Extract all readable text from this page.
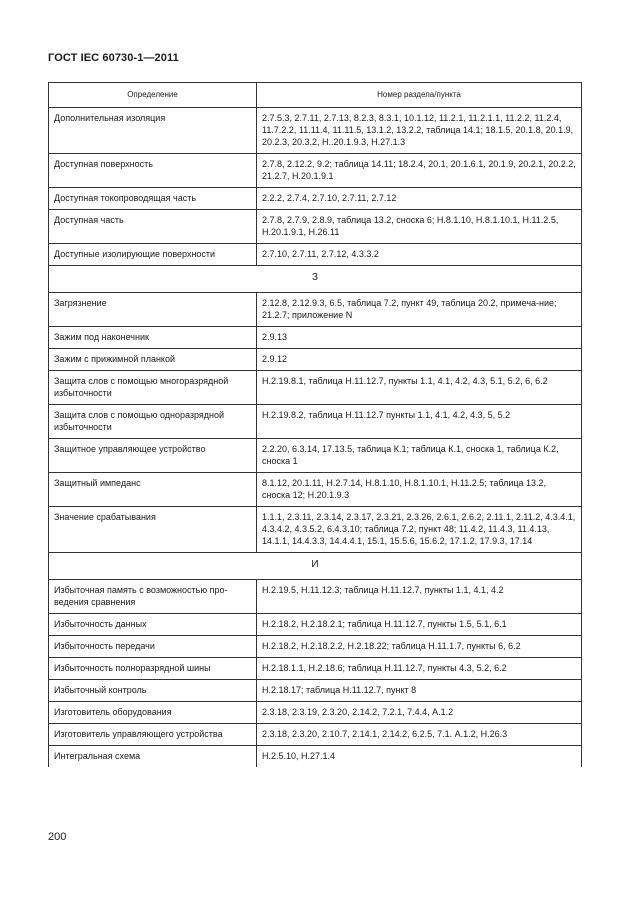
ГОСТ IEC 60730-1—2011
Определение	Номер раздела/пункта
Дополнительная изоляция	2.7.5.3, 2.7.11, 2.7.13, 8.2.3, 8.3.1, 10.1.12, 11.2.1, 11.2.1.1, 11.2.2, 11.2.4, 11.7.2.2, 11.11.4, 11.11.5, 13.1.2, 13.2.2, таблица 14.1; 18.1.5, 20.1.8, 20.1.9, 20.2.3, 20.3.2, Н..20.1.9.3, Н.27.1.3
Доступная поверхность	2.7.8, 2.12.2, 9.2; таблица 14.11; 18.2.4, 20.1, 20.1.6.1, 20.1.9, 20.2.1, 20.2.2, 21.2.7, Н.20.1.9.1
Доступная токопроводящая часть	2.2.2, 2.7.4, 2.7.10, 2.7.11, 2.7.12
Доступная часть	2.7.8, 2.7.9, 2.8.9, таблица 13.2, сноска 6; Н.8.1.10, Н.8.1.10.1, Н.11.2.5, Н.20.1.9.1, Н.26.11
Доступные изолирующие поверхности	2.7.10, 2.7.11, 2.7.12, 4.3.3.2
З	
Загрязнение	2.12.8, 2.12.9.3, 6.5, таблица 7.2, пункт 49, таблица 20.2, примеча-ние; 21.2.7; приложение N
Зажим под наконечник	2.9.13
Зажим с прижимной планкой	2.9.12
Защита слов с помощью многоразрядной избыточности	Н.2.19.8.1, таблица Н.11.12.7, пункты 1.1, 4.1, 4.2, 4.3, 5.1, 5.2, 6, 6.2
Защита слов с помощью одноразрядной избыточности	Н.2.19.8.2, таблица Н.11.12.7 пункты 1.1, 4.1, 4.2, 4.3, 5, 5.2
Защитное управляющее устройство	2.2.20, 6.3.14, 17.13.5, таблица К.1; таблица К.1, сноска 1, таблица К.2, сноска 1
Защитный импеданс	8.1.12, 20.1.11, Н.2.7.14, Н.8.1.10, Н.8.1.10.1, Н.11.2.5; таблица 13.2, сноска 12; Н.20.1.9.3
Значение срабатывания	1.1.1, 2.3.11, 2.3.14, 2.3.17, 2.3.21, 2.3.26, 2.6.1, 2.6.2, 2.11.1, 2.11.2, 4.3.4.1, 4.3.4.2, 4.3.5.2, 6.4.3.10; таблица 7.2, пункт 48; 11.4.2, 11.4.3, 11.4.13, 14.1.1, 14.4.3.3, 14.4.4.1, 15.1, 15.5.6, 15.6.2, 17.1.2, 17.9.3, 17.14
И	
Избыточная память с возможностью про-ведения сравнения	Н.2.19.5, Н.11.12.3; таблица Н.11.12.7, пункты 1.1, 4.1, 4.2
Избыточность данных	Н.2.18.2, Н.2.18.2.1; таблица Н.11.12.7, пункты 1.5, 5.1, 6.1
Избыточность передачи	Н.2.18.2, Н.2.18.2.2, Н.2.18.22; таблица Н.11.1.7, пункты 6, 6.2
Избыточность полноразрядной шины	Н.2.18.1.1, Н.2.18.6; таблица Н.11.12.7, пункты 4.3, 5.2, 6.2
Избыточный контроль	Н.2.18.17; таблица Н.11.12.7, пункт 8
Изготовитель оборудования	2.3.18, 2.3.19, 2.3.20, 2.14.2, 7.2.1, 7.4.4, А.1.2
Изготовитель управляющего устройства	2.3.18, 2.3.20, 2.10.7, 2.14.1, 2.14.2, 6.2.5, 7.1. А.1.2, Н.26.3
Интегральная схема	Н.2.5.10, Н.27.1.4
200
